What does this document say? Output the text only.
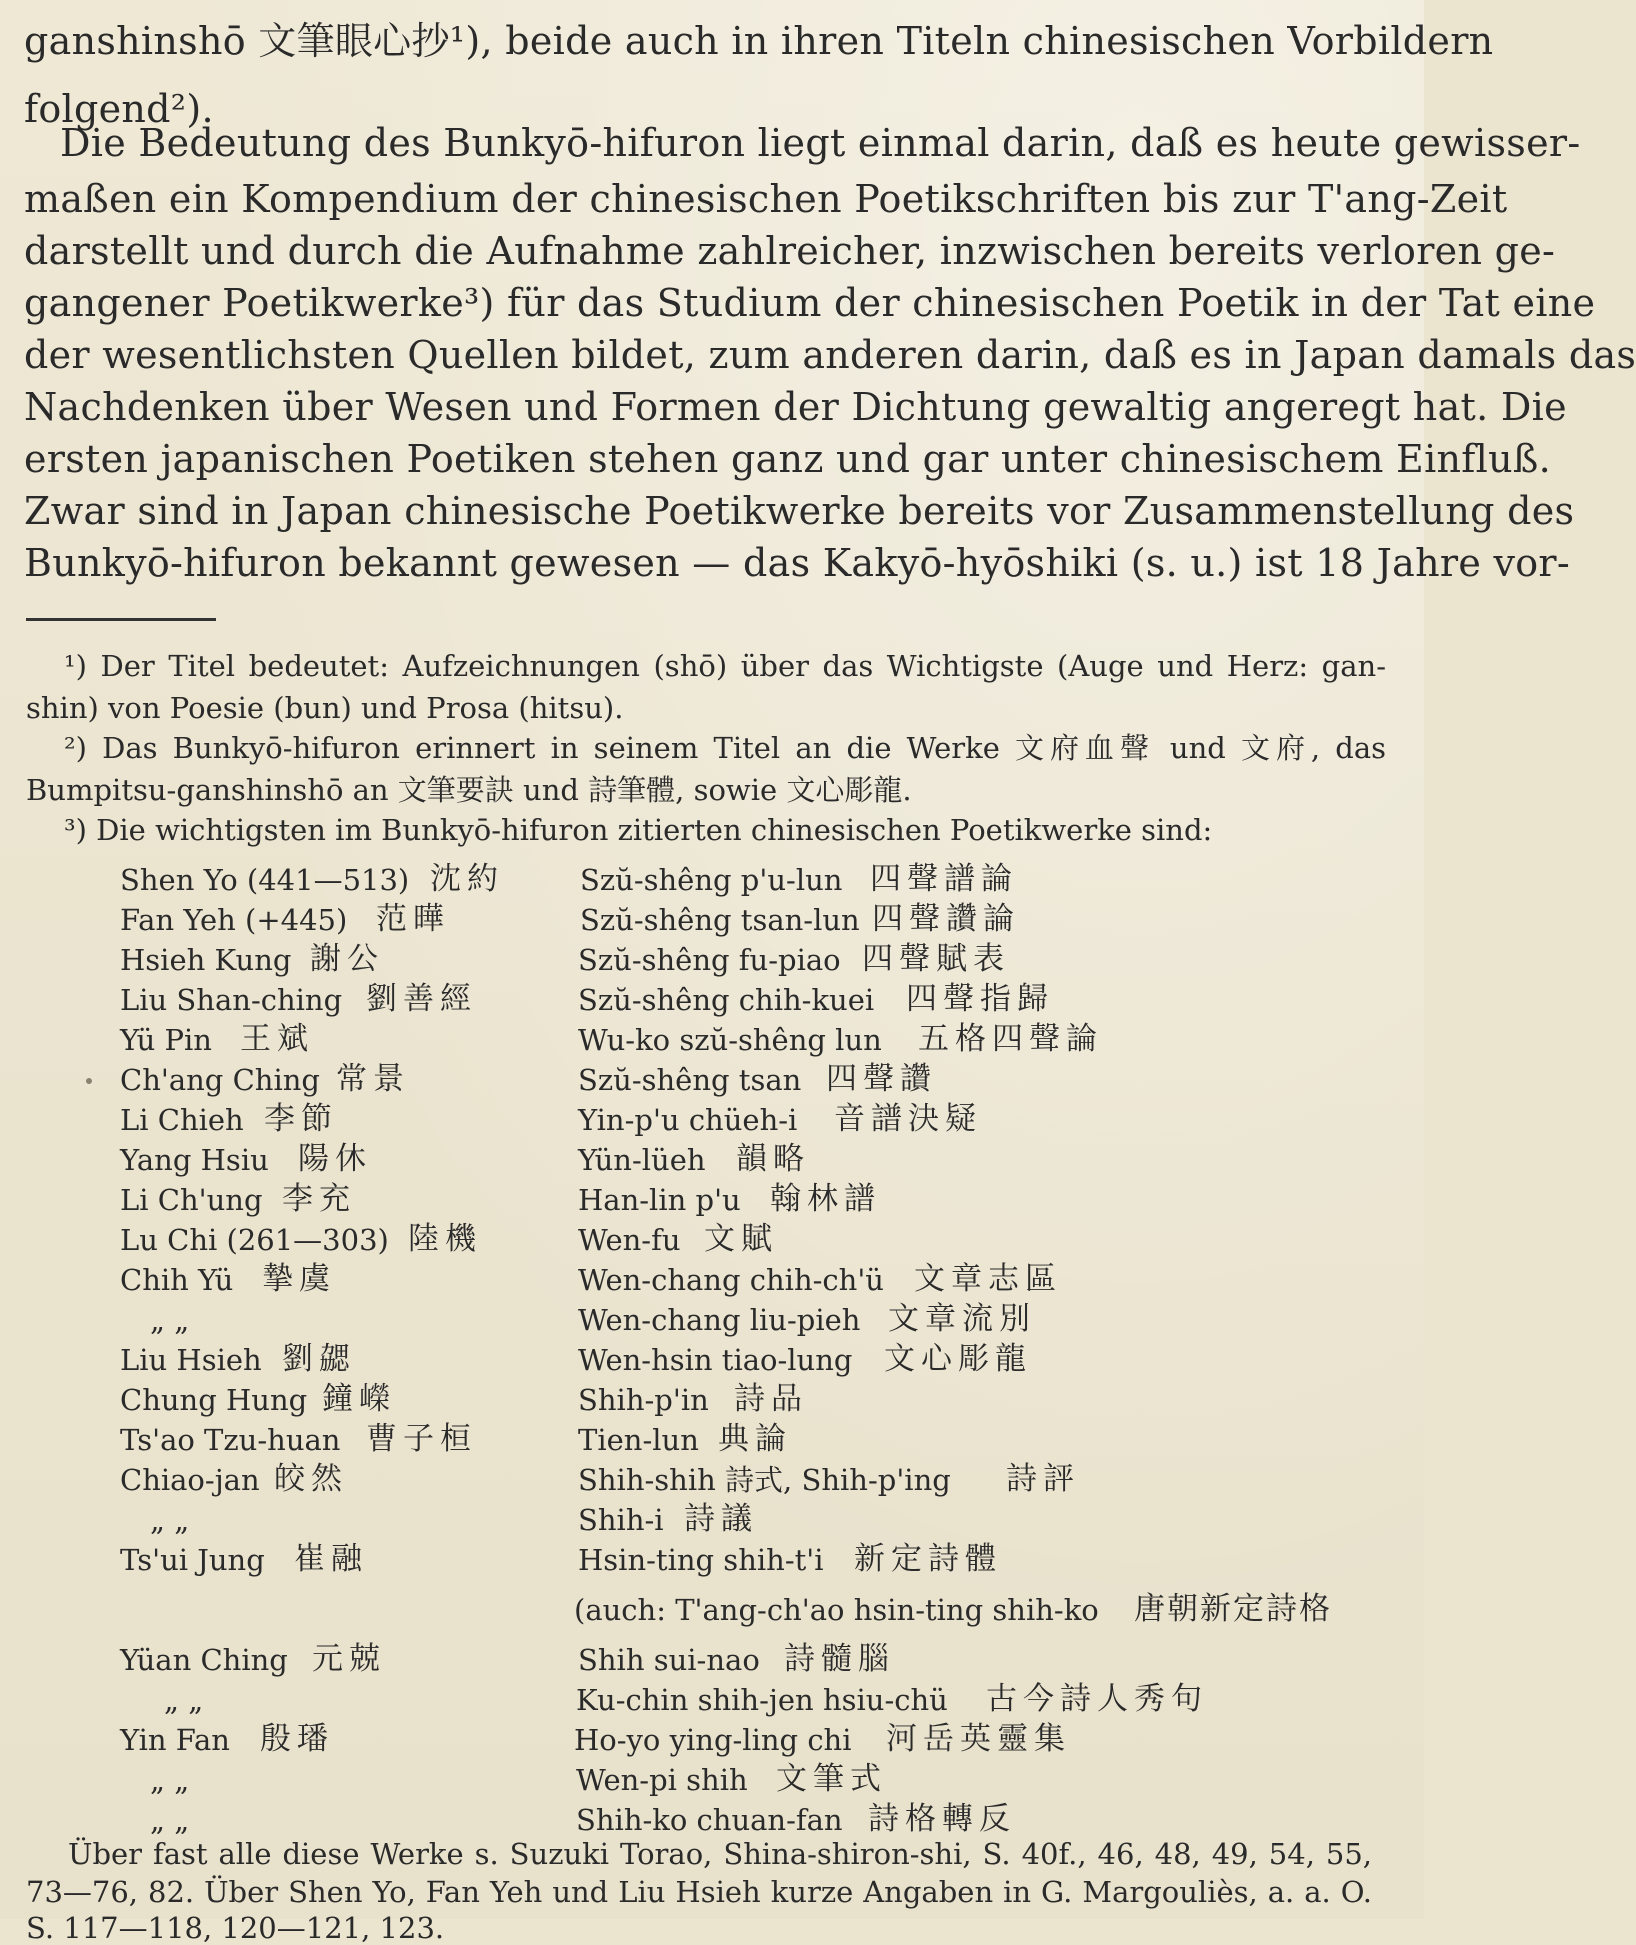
ganshinshō 文筆眼心抄¹), beide auch in ihren Titeln chinesischen Vorbildern
folgend²).
Die Bedeutung des Bunkyō-hifuron liegt einmal darin, daß es heute gewisser-
maßen ein Kompendium der chinesischen Poetikschriften bis zur T'ang-Zeit
darstellt und durch die Aufnahme zahlreicher, inzwischen bereits verloren ge-
gangener Poetikwerke³) für das Studium der chinesischen Poetik in der Tat eine
der wesentlichsten Quellen bildet, zum anderen darin, daß es in Japan damals das
Nachdenken über Wesen und Formen der Dichtung gewaltig angeregt hat. Die
ersten japanischen Poetiken stehen ganz und gar unter chinesischem Einfluß.
Zwar sind in Japan chinesische Poetikwerke bereits vor Zusammenstellung des
Bunkyō-hifuron bekannt gewesen — das Kakyō-hyōshiki (s. u.) ist 18 Jahre vor-
¹) Der Titel bedeutet: Aufzeichnungen (shō) über das Wichtigste (Auge und Herz: gan-
shin) von Poesie (bun) und Prosa (hitsu).
²) Das Bunkyō-hifuron erinnert in seinem Titel an die Werke 文府血聲 und 文府, das
Bumpitsu-ganshinshō an 文筆要訣 und 詩筆體, sowie 文心彫龍.
³) Die wichtigsten im Bunkyō-hifuron zitierten chinesischen Poetikwerke sind:
Shen Yo (441—513) 沈約	Szŭ-shêng p'u-lun 四聲譜論
Fan Yeh (+445) 范曄	Szŭ-shêng tsan-lun 四聲讚論
Hsieh Kung 謝公	Szŭ-shêng fu-piao 四聲賦表
Liu Shan-ching 劉善經	Szŭ-shêng chih-kuei 四聲指歸
Yü Pin 王斌	Wu-ko szŭ-shêng lun 五格四聲論
Ch'ang Ching 常景	Szŭ-shêng tsan 四聲讚
Li Chieh 李節	Yin-p'u chüeh-i 音譜決疑
Yang Hsiu 陽休	Yün-lüeh 韻略
Li Ch'ung 李充	Han-lin p'u 翰林譜
Lu Chi (261—303) 陸機	Wen-fu 文賦
Chih Yü 摯虞	Wen-chang chih-ch'ü 文章志區
„ „	Wen-chang liu-pieh 文章流別
Liu Hsieh 劉勰	Wen-hsin tiao-lung 文心彫龍
Chung Hung 鐘嶸	Shih-p'in 詩品
Ts'ao Tzu-huan 曹子桓	Tien-lun 典論
Chiao-jan 皎然	Shih-shih 詩式, Shih-p'ing 詩評
„ „	Shih-i 詩議
Ts'ui Jung 崔融	Hsin-ting shih-t'i 新定詩體
(auch: T'ang-ch'ao hsin-ting shih-ko 唐朝新定詩格
Yüan Ching 元兢	Shih sui-nao 詩髓腦
„ „	Ku-chin shih-jen hsiu-chü 古今詩人秀句
Yin Fan 殷璠	Ho-yo ying-ling chi 河岳英靈集
„ „	Wen-pi shih 文筆式
„ „	Shih-ko chuan-fan 詩格轉反
Über fast alle diese Werke s. Suzuki Torao, Shina-shiron-shi, S. 40f., 46, 48, 49, 54, 55,
73—76, 82. Über Shen Yo, Fan Yeh und Liu Hsieh kurze Angaben in G. Margouliès, a. a. O.
S. 117—118, 120—121, 123.
